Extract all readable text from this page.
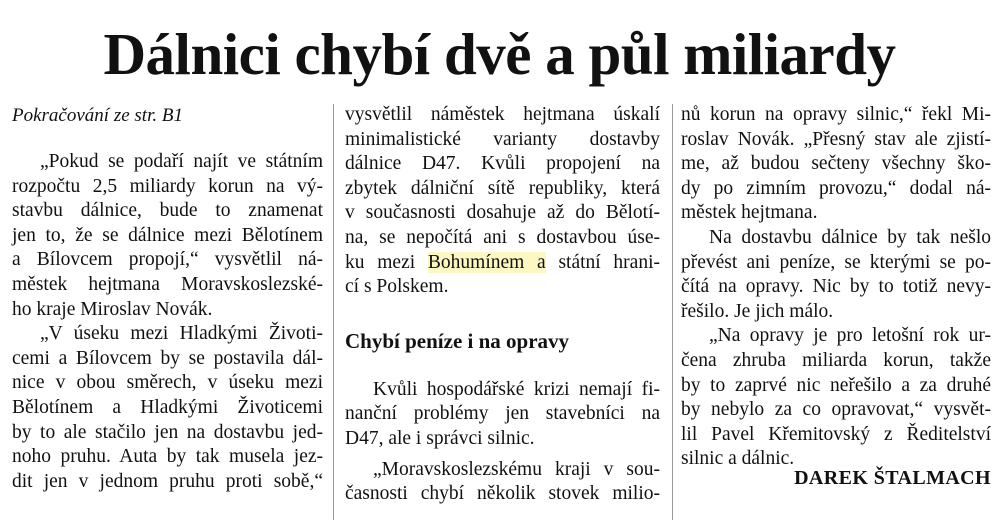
Dálnici chybí dvě a půl miliardy

Pokračování ze str. B1

„Pokud se podaří najít ve státním
rozpočtu 2,5 miliardy korun na vý-
stavbu dálnice, bude to znamenat
jen to, že se dálnice mezi Bělotínem
a Bílovcem propojí,“ vysvětlil ná-
městek hejtmana Moravskoslezské-
ho kraje Miroslav Novák.

„V úseku mezi Hladkými Životi-
cemi a Bílovcem by se postavila dál-
nice v obou směrech, v úseku mezi
Bělotínem a Hladkými Životicemi
by to ale stačilo jen na dostavbu jed-
noho pruhu. Auta by tak musela jez-
dit jen v jednom pruhu proti sobě,“

vysvětlil náměstek hejtmana úskalí
minimalistické varianty dostavby
dálnice D47. Kvůli propojení na
zbytek dálniční sítě republiky, která
v současnosti dosahuje až do Bělotí-
na, se nepočítá ani s dostavbou úse-

ku mezi Bohumínem a státní hrani-
cí s Polskem.

Chybí peníze i na opravy

Kvůli hospodářské krizi nemají fi-
nanční problémy jen stavebníci na
D47, ale i správci silnic.

„Moravskoslezskému kraji v sou-
časnosti chybí několik stovek milio-

nů korun na opravy silnic,“ řekl Mi-
roslav Novák. „Přesný stav ale zjistí-
me, až budou sečteny všechny ško-
dy po zimním provozu,“ dodal ná-
městek hejtmana.

Na dostavbu dálnice by tak nešlo
převést ani peníze, se kterými se po-
čítá na opravy. Nic by to totiž nevy-
řešilo. Je jich málo.

„Na opravy je pro letošní rok ur-
čena zhruba miliarda korun, takže
by to zaprvé nic neřešilo a za druhé
by nebylo za co opravovat,“ vysvět-
lil Pavel Křemitovský z Ředitelství
silnic a dálnic.

DAREK ŠTALMACH
